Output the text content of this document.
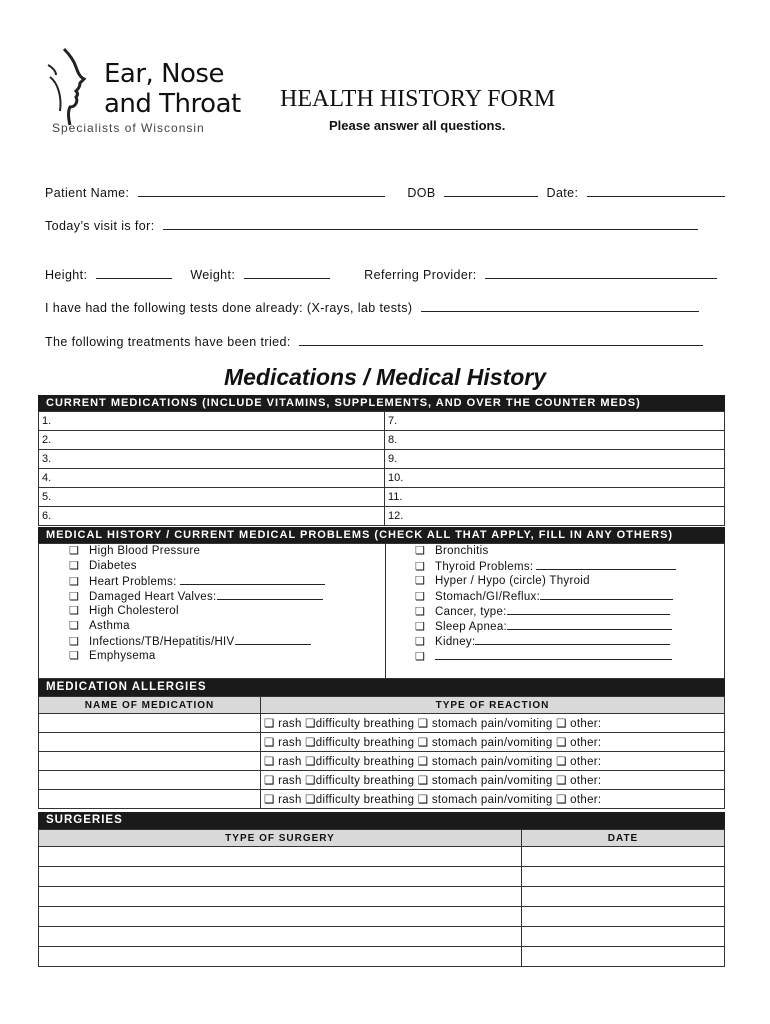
Ear, Nose
and Throat
Specialists of Wisconsin
HEALTH HISTORY FORM
Please answer all questions.
Patient Name:	DOB	Date:
Today’s visit is for:
Height:	Weight:	Referring Provider:
I have had the following tests done already: (X-rays, lab tests)
The following treatments have been tried:
Medications / Medical History
CURRENT MEDICATIONS (INCLUDE VITAMINS, SUPPLEMENTS, AND OVER THE COUNTER MEDS)
1.	7.
2.	8.
3.	9.
4.	10.
5.	11.
6.	12.
MEDICAL HISTORY / CURRENT MEDICAL PROBLEMS (CHECK ALL THAT APPLY, FILL IN ANY OTHERS)
❑ High Blood Pressure
❑ Diabetes
❑ Heart Problems:
❑ Damaged Heart Valves:
❑ High Cholesterol
❑ Asthma
❑ Infections/TB/Hepatitis/HIV
❑ Emphysema
❑ Bronchitis
❑ Thyroid Problems:
❑ Hyper / Hypo (circle) Thyroid
❑ Stomach/GI/Reflux:
❑ Cancer, type:
❑ Sleep Apnea:
❑ Kidney:
❑
MEDICATION ALLERGIES
NAME OF MEDICATION	TYPE OF REACTION
	❑ rash ❑difficulty breathing ❑ stomach pain/vomiting ❑ other:
	❑ rash ❑difficulty breathing ❑ stomach pain/vomiting ❑ other:
	❑ rash ❑difficulty breathing ❑ stomach pain/vomiting ❑ other:
	❑ rash ❑difficulty breathing ❑ stomach pain/vomiting ❑ other:
	❑ rash ❑difficulty breathing ❑ stomach pain/vomiting ❑ other:
SURGERIES
TYPE OF SURGERY	DATE
